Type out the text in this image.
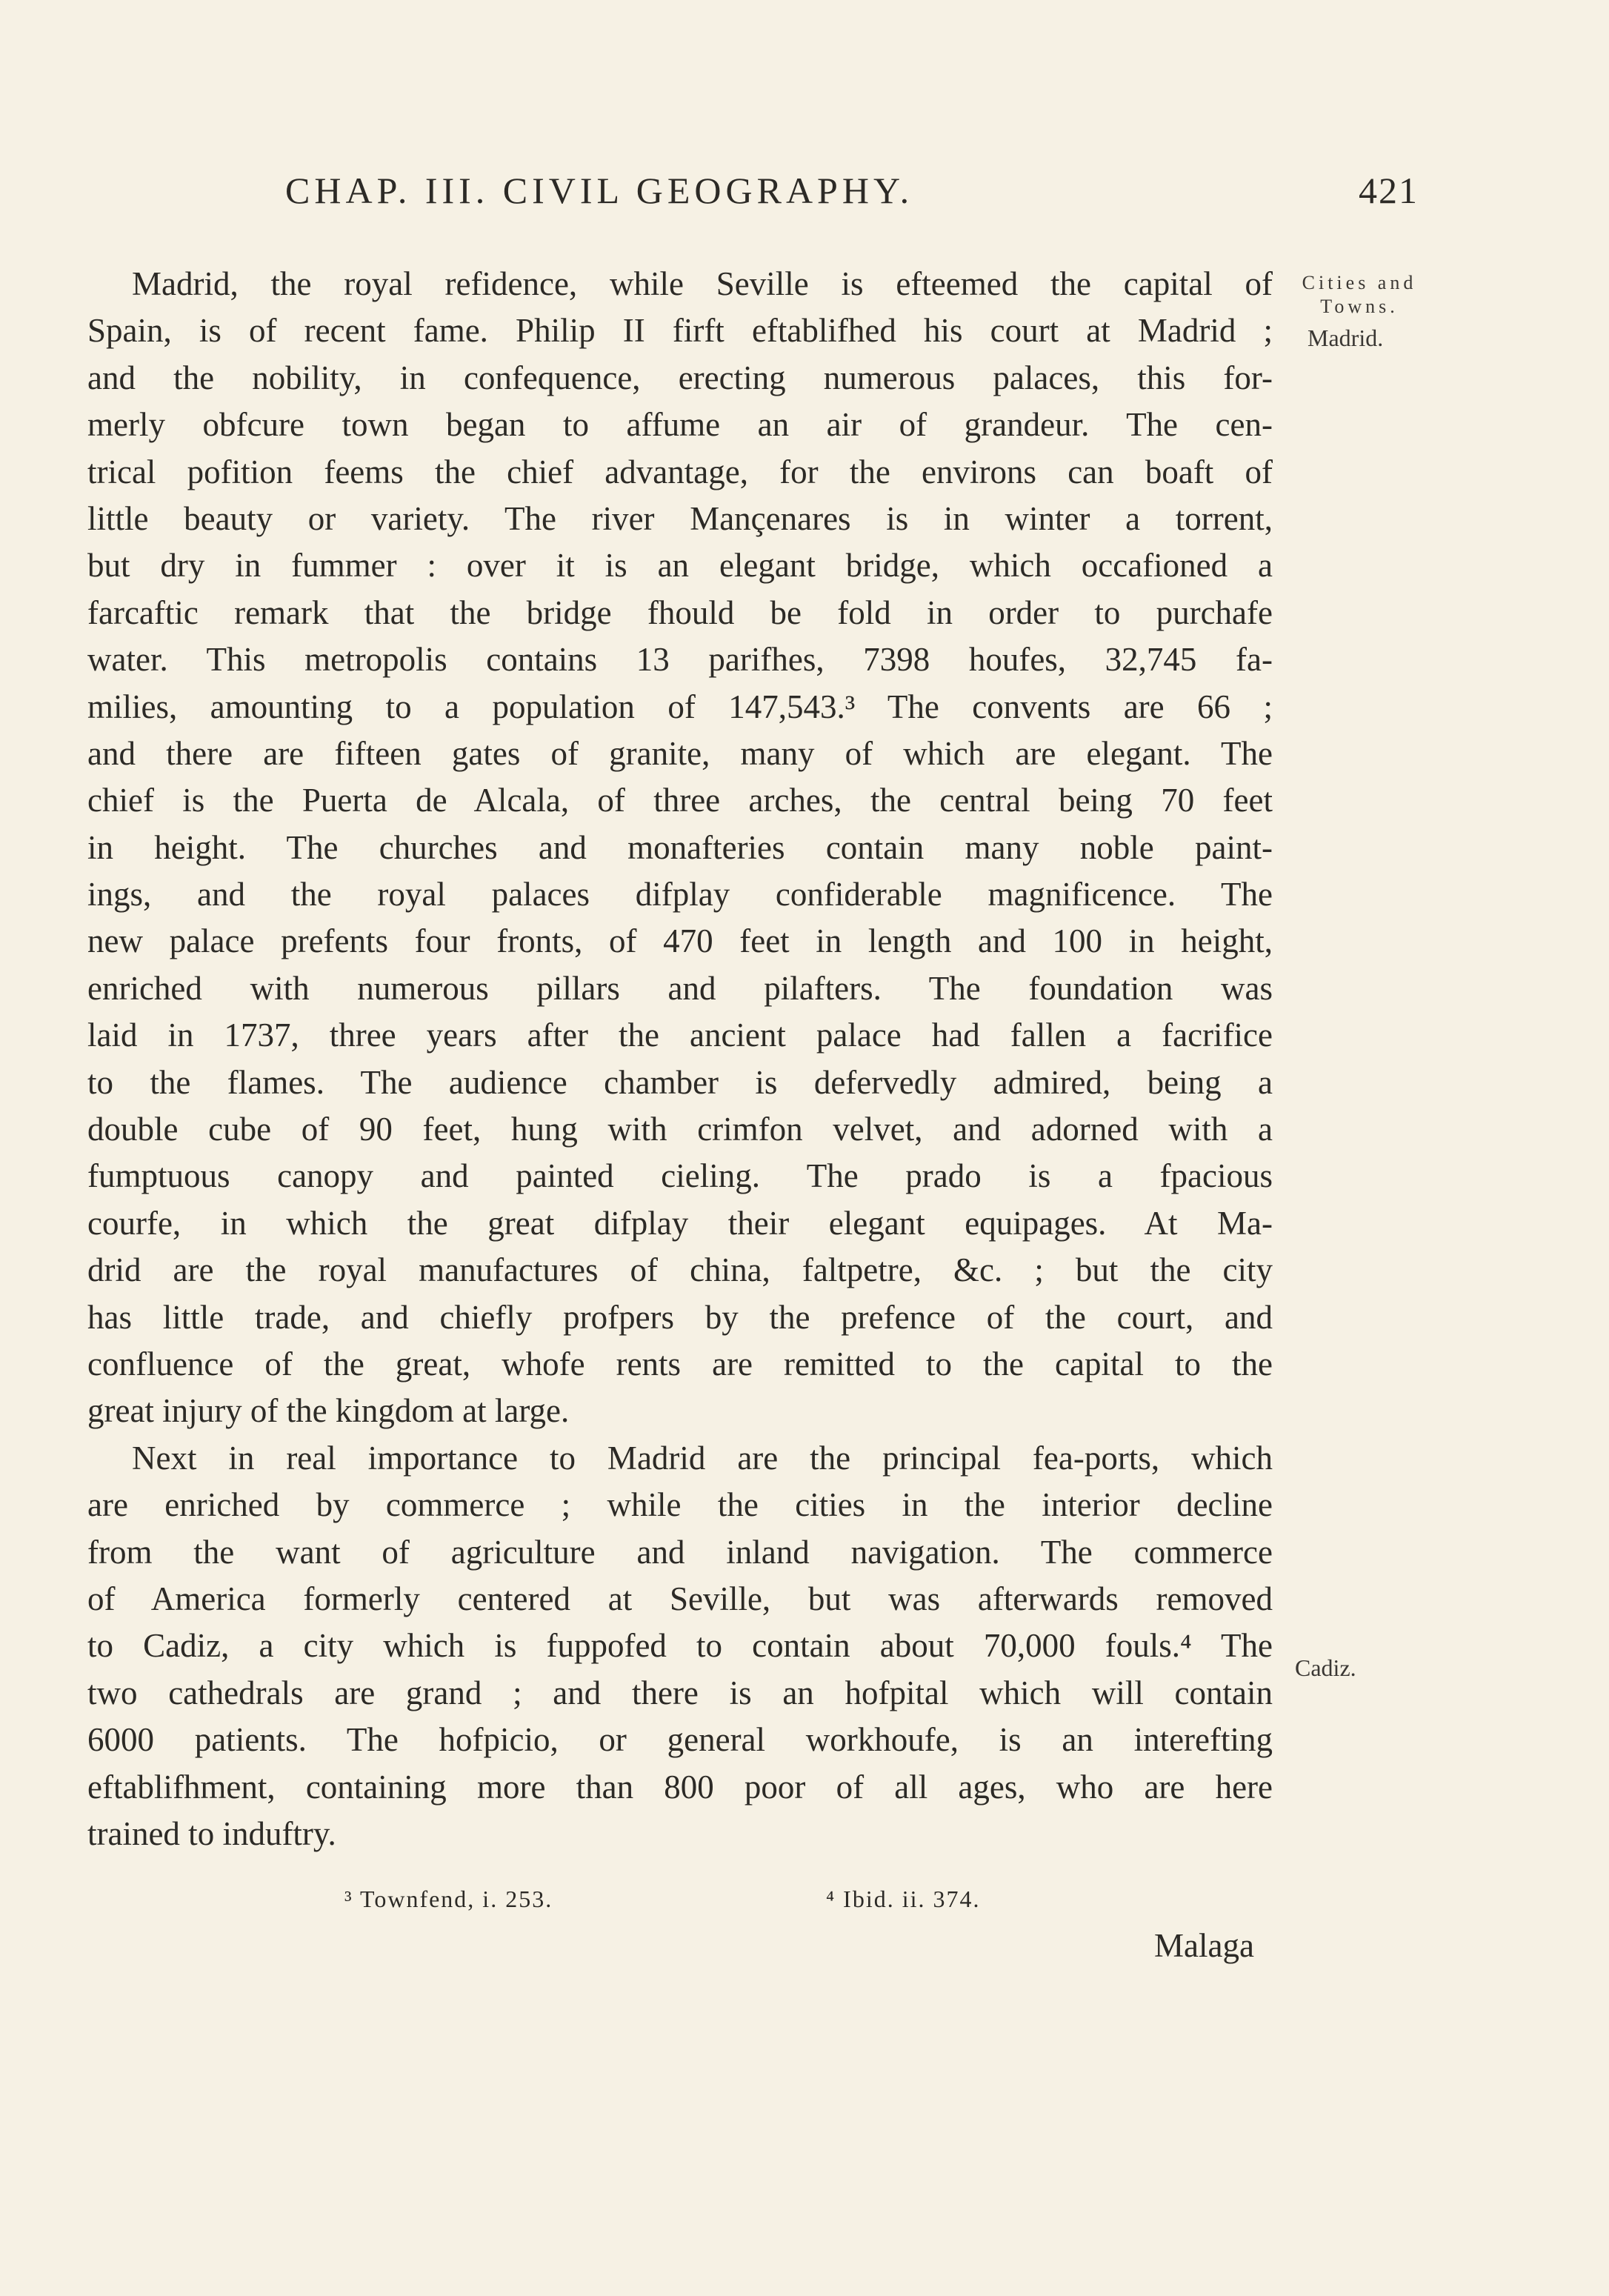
CHAP. III. CIVIL GEOGRAPHY.	421
Cities and Towns.
Madrid.
Cadiz.
Madrid, the royal refidence, while Seville is efteemed the capital of
Spain, is of recent fame. Philip II firft eftablifhed his court at Madrid ;
and the nobility, in confequence, erecting numerous palaces, this for-
merly obfcure town began to affume an air of grandeur. The cen-
trical pofition feems the chief advantage, for the environs can boaft of
little beauty or variety. The river Mançenares is in winter a torrent,
but dry in fummer : over it is an elegant bridge, which occafioned a
farcaftic remark that the bridge fhould be fold in order to purchafe
water. This metropolis contains 13 parifhes, 7398 houfes, 32,745 fa-
milies, amounting to a population of 147,543.³ The convents are 66 ;
and there are fifteen gates of granite, many of which are elegant. The
chief is the Puerta de Alcala, of three arches, the central being 70 feet
in height. The churches and monafteries contain many noble paint-
ings, and the royal palaces difplay confiderable magnificence. The
new palace prefents four fronts, of 470 feet in length and 100 in height,
enriched with numerous pillars and pilafters. The foundation was
laid in 1737, three years after the ancient palace had fallen a facrifice
to the flames. The audience chamber is defervedly admired, being a
double cube of 90 feet, hung with crimfon velvet, and adorned with a
fumptuous canopy and painted cieling. The prado is a fpacious
courfe, in which the great difplay their elegant equipages. At Ma-
drid are the royal manufactures of china, faltpetre, &c. ; but the city
has little trade, and chiefly profpers by the prefence of the court, and
confluence of the great, whofe rents are remitted to the capital to the
great injury of the kingdom at large.
Next in real importance to Madrid are the principal fea-ports, which
are enriched by commerce ; while the cities in the interior decline
from the want of agriculture and inland navigation. The commerce
of America formerly centered at Seville, but was afterwards removed
to Cadiz, a city which is fuppofed to contain about 70,000 fouls.⁴ The
two cathedrals are grand ; and there is an hofpital which will contain
6000 patients. The hofpicio, or general workhoufe, is an interefting
eftablifhment, containing more than 800 poor of all ages, who are here
trained to induftry.
³ Townfend, i. 253.	⁴ Ibid. ii. 374.
Malaga
